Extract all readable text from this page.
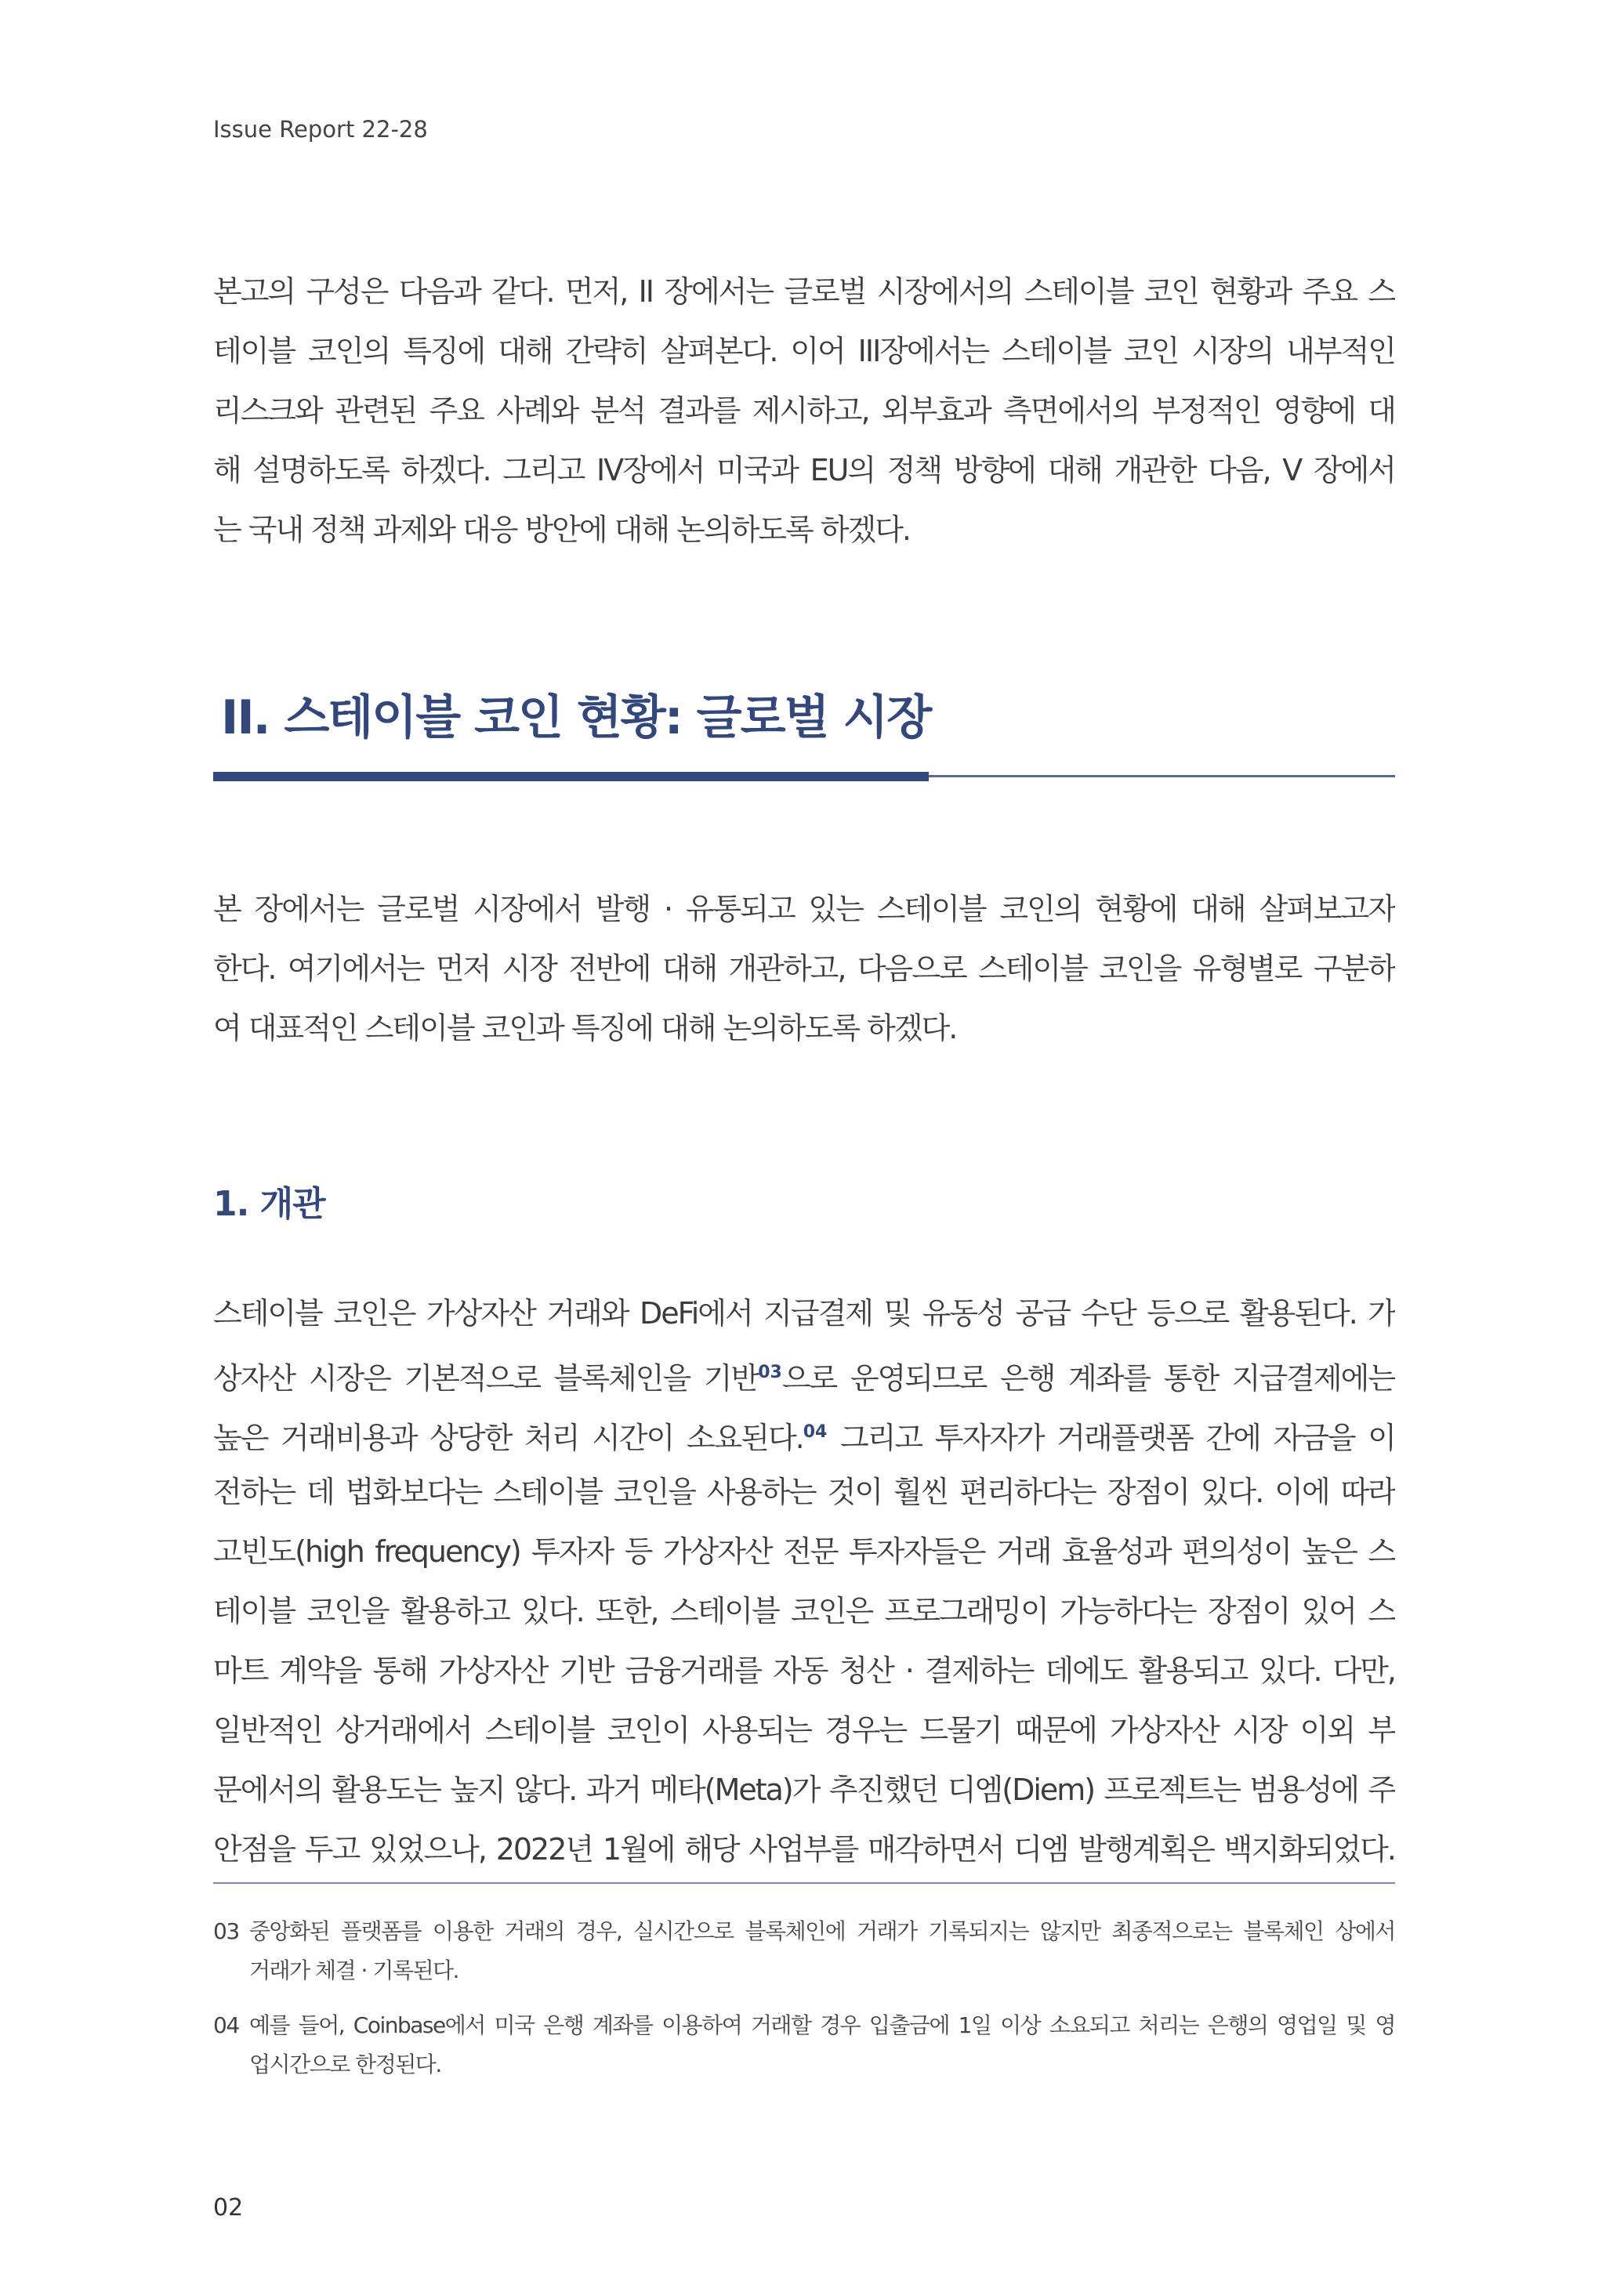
Issue Report 22-28
본고의 구성은 다음과 같다. 먼저, II 장에서는 글로벌 시장에서의 스테이블 코인 현황과 주요 스
테이블 코인의 특징에 대해 간략히 살펴본다. 이어 III장에서는 스테이블 코인 시장의 내부적인
리스크와 관련된 주요 사례와 분석 결과를 제시하고, 외부효과 측면에서의 부정적인 영향에 대
해 설명하도록 하겠다. 그리고 IV장에서 미국과 EU의 정책 방향에 대해 개관한 다음, V 장에서
는 국내 정책 과제와 대응 방안에 대해 논의하도록 하겠다.
II. 스테이블 코인 현황: 글로벌 시장
본 장에서는 글로벌 시장에서 발행 · 유통되고 있는 스테이블 코인의 현황에 대해 살펴보고자
한다. 여기에서는 먼저 시장 전반에 대해 개관하고, 다음으로 스테이블 코인을 유형별로 구분하
여 대표적인 스테이블 코인과 특징에 대해 논의하도록 하겠다.
1. 개관
스테이블 코인은 가상자산 거래와 DeFi에서 지급결제 및 유동성 공급 수단 등으로 활용된다. 가
상자산 시장은 기본적으로 블록체인을 기반$^{03}$으로 운영되므로 은행 계좌를 통한 지급결제에는
높은 거래비용과 상당한 처리 시간이 소요된다.$^{04}$ 그리고 투자자가 거래플랫폼 간에 자금을 이
전하는 데 법화보다는 스테이블 코인을 사용하는 것이 훨씬 편리하다는 장점이 있다. 이에 따라
고빈도(high frequency) 투자자 등 가상자산 전문 투자자들은 거래 효율성과 편의성이 높은 스
테이블 코인을 활용하고 있다. 또한, 스테이블 코인은 프로그래밍이 가능하다는 장점이 있어 스
마트 계약을 통해 가상자산 기반 금융거래를 자동 청산 · 결제하는 데에도 활용되고 있다. 다만,
일반적인 상거래에서 스테이블 코인이 사용되는 경우는 드물기 때문에 가상자산 시장 이외 부
문에서의 활용도는 높지 않다. 과거 메타(Meta)가 추진했던 디엠(Diem) 프로젝트는 범용성에 주
안점을 두고 있었으나, 2022년 1월에 해당 사업부를 매각하면서 디엠 발행계획은 백지화되었다.
03 중앙화된 플랫폼를 이용한 거래의 경우, 실시간으로 블록체인에 거래가 기록되지는 않지만 최종적으로는 블록체인 상에서
거래가 체결 · 기록된다.
04 예를 들어, Coinbase에서 미국 은행 계좌를 이용하여 거래할 경우 입출금에 1일 이상 소요되고 처리는 은행의 영업일 및 영
업시간으로 한정된다.
02
